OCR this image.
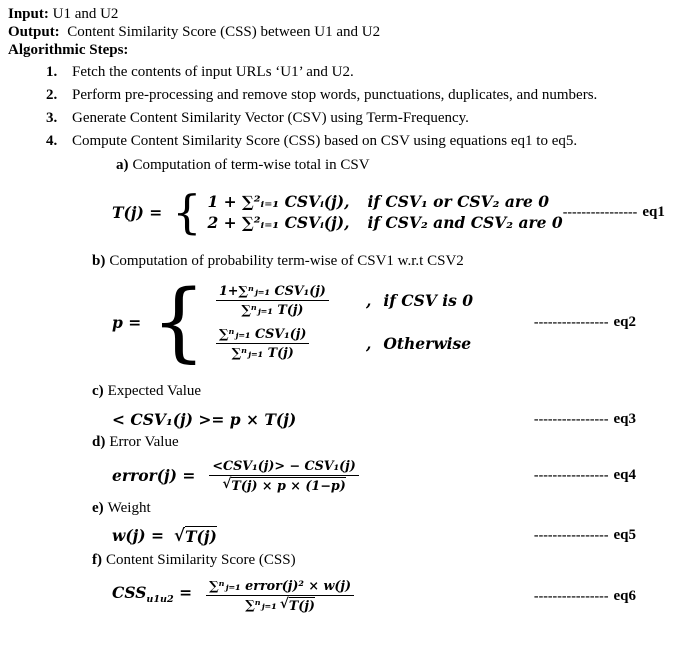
Input: U1 and U2

Output: Content Similarity Score (CSS) between U1 and U2

Algorithmic Steps:

1. Fetch the contents of input URLs ‘U1’ and U2.
2. Perform pre-processing and remove stop words, punctuations, duplicates, and numbers.
3. Generate Content Similarity Vector (CSV) using Term-Frequency.
4. Compute Content Similarity Score (CSS) based on CSV using equations eq1 to eq5.
a) Computation of term-wise total in CSV
T(j) = { 1 + ∑²ᵢ₌₁ CSVᵢ(j),	if CSV₁ or CSV₂ are 0
2 + ∑²ᵢ₌₁ CSVᵢ(j),	if CSV₂ and CSV₂ are 0
---------------- eq1
b) Computation of probability term-wise of CSV1 w.r.t CSV2
p = { $\frac{\text{1+∑ⁿⱼ₌₁ CSV₁(j)}}{\text{∑ⁿⱼ₌₁ T(j)}}$ , if CSV is 0
$\frac{\text{∑ⁿⱼ₌₁ CSV₁(j)}}{\text{∑ⁿⱼ₌₁ T(j)}}$	, Otherwise
---------------- eq2
c) Expected Value
< CSV₁(j) >= p × T(j)	---------------- eq3
d) Error Value
error(j) = $\frac{\text{<CSV₁(j)> − CSV₁(j)}}{√ T(j) \times p \times (1-p)}$	---------------- eq4
e) Weight
w(j) = √ T(j)	---------------- eq5
f) Content Similarity Score (CSS)
$CSS_{u1u2} = \frac{\text{∑ⁿⱼ₌₁ error(j)² × w(j)}}{\text{∑ⁿⱼ₌₁ √ T(j)}}$	---------------- eq6
